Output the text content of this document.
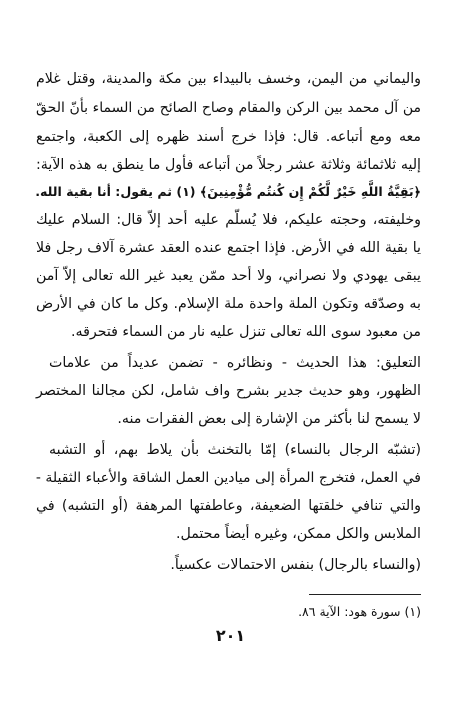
واليماني من اليمن، وخسف بالبيداء بين مكة والمدينة، وقتل غلام
من آل محمد بين الركن والمقام وصاح الصائح من السماء بأنّ الحقّ
معه ومع أتباعه. قال: فإذا خرج أسند ظهره إلى الكعبة، واجتمع
إليه ثلاثمائة وثلاثة عشر رجلاً من أتباعه فأول ما ينطق به هذه الآية:
﴿بَقِيَّةُ اللَّهِ خَيْرٌ لَّكُمْ إِن كُنتُم مُّؤْمِنِينَ﴾ (١) ثم يقول: أنا بقية الله.
وخليفته، وحجته عليكم، فلا يُسلّم عليه أحد إلاّ قال: السلام عليك
يا بقية الله في الأرض. فإذا اجتمع عنده العقد عشرة آلاف رجل فلا
يبقى يهودي ولا نصراني، ولا أحد ممّن يعبد غير الله تعالى إلاّ آمن
به وصدّقه وتكون الملة واحدة ملة الإسلام. وكل ما كان في الأرض
من معبود سوى الله تعالى تنزل عليه نار من السماء فتحرقه.
التعليق: هذا الحديث - ونظائره - تضمن عديداً من علامات
الظهور، وهو حديث جدير بشرح واف شامل، لكن مجالنا المختصر
لا يسمح لنا بأكثر من الإشارة إلى بعض الفقرات منه.
(تشبّه الرجال بالنساء) إمّا بالتخنث بأن يلاط بهم، أو التشبه
في العمل، فتخرج المرأة إلى ميادين العمل الشاقة والأعباء الثقيلة -
والتي تنافي خلقتها الضعيفة، وعاطفتها المرهفة (أو التشبه) في
الملابس والكل ممكن، وغيره أيضاً محتمل.
(والنساء بالرجال) بنفس الاحتمالات عكسياً.
(١) سورة هود: الآية ٨٦.
٢٠١
